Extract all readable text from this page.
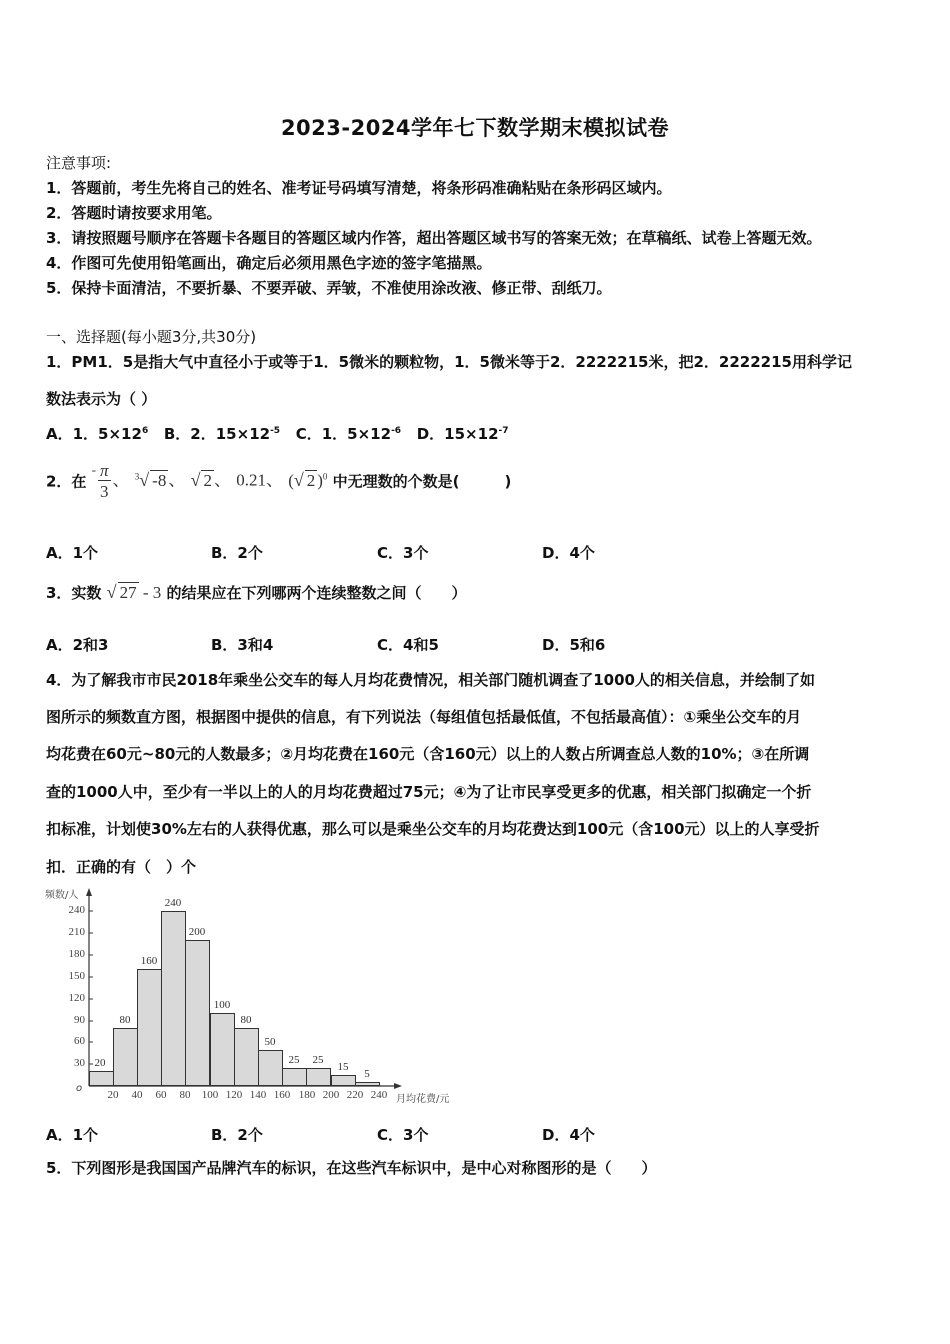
2023-2024学年七下数学期末模拟试卷
注意事项:
1．答题前，考生先将自己的姓名、准考证号码填写清楚，将条形码准确粘贴在条形码区域内。
2．答题时请按要求用笔。
3．请按照题号顺序在答题卡各题目的答题区域内作答，超出答题区域书写的答案无效；在草稿纸、试卷上答题无效。
4．作图可先使用铅笔画出，确定后必须用黑色字迹的签字笔描黑。
5．保持卡面清洁，不要折暴、不要弄破、弄皱，不准使用涂改液、修正带、刮纸刀。
一、选择题(每小题3分,共30分)
1．PM1．5是指大气中直径小于或等于1．5微米的颗粒物，1．5微米等于2．2222215米，把2．2222215用科学记
数法表示为（ ）
A．1．$5\times 12^6$ B．2．$15\times 12^{-5}$ C．1．$5\times 12^{-6}$ D．$15\times 12^{-7}$
2．在 - $\frac{\pi}{3}$ 、 $^3$√ -8 、 √ 2 、 0.21、 (√ 2 )$^0$ 中无理数的个数是(　　　)
A．1个	B．2个	C．3个	D．4个
3．实数 √ 27 - 3 的结果应在下列哪两个连续整数之间（　　）
A．2和3	B．3和4	C．4和5	D．5和6
4．为了解我市市民2018年乘坐公交车的每人月均花费情况，相关部门随机调查了1000人的相关信息，并绘制了如
图所示的频数直方图，根据图中提供的信息，有下列说法（每组值包括最低值，不包括最高值）：①乘坐公交车的月
均花费在60元~80元的人数最多；②月均花费在160元（含160元）以上的人数占所调查总人数的10%；③在所调
查的1000人中，至少有一半以上的人的月均花费超过75元；④为了让市民享受更多的优惠，相关部门拟确定一个折
扣标准，计划使30%左右的人获得优惠，那么可以是乘坐公交车的月均花费达到100元（含100元）以上的人享受折
扣．正确的有（　）个
频数/人
月均花费/元
o
240
210
180
150
120
90
60
30 20
80
160
240
200
100
80
50
25	25
15
5
20	40	60	80	100 120 140 160 180 200 220 240
A．1个	B．2个	C．3个	D．4个
5．下列图形是我国国产品牌汽车的标识，在这些汽车标识中，是中心对称图形的是（　　）
